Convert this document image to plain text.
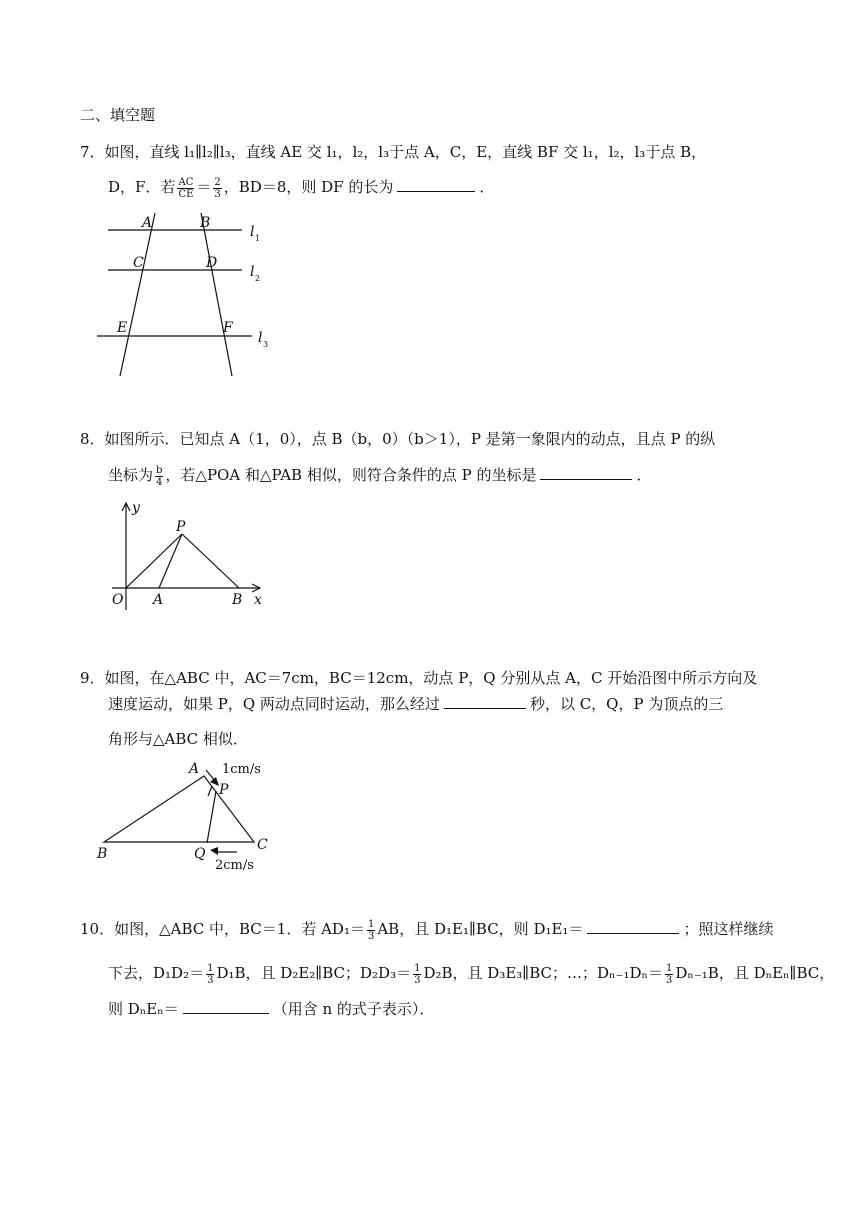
二、填空题
7．如图，直线 l₁∥l₂∥l₃，直线 AE 交 l₁，l₂，l₃于点 A，C，E，直线 BF 交 l₁，l₂，l₃于点 B，
D，F．若 $\frac{AC}{CE} = \frac{2}{3}$ ，BD＝8，则 DF 的长为	．
A	B
C	D
E	F
l
l
l
1
2
3
8．如图所示．已知点 A（1，0），点 B（b，0）（b＞1），P 是第一象限内的动点，且点 P 的纵
坐标为 $\frac{b}{4}$ ，若△POA 和△PAB 相似，则符合条件的点 P 的坐标是	．
y
x
O A	B
P
9．如图，在△ABC 中，AC＝7cm，BC＝12cm，动点 P，Q 分别从点 A，C 开始沿图中所示方向及
速度运动，如果 P，Q 两动点同时运动，那么经过	秒，以 C，Q，P 为顶点的三
角形与△ABC 相似．
A
B
C
P
Q
1cm/s
2cm/s
10．如图，△ABC 中，BC＝1．若 $AD_1= \frac{1}{3}$ AB，且 D₁E₁∥BC，则 D₁E₁＝	；照这样继续
下去，$D_1D_2= \frac{1}{3} D_1B$，且 D₂E₂∥BC；$D_2D_3= \frac{1}{3} D_2B$，且 D₃E₃∥BC；…；$D_{n-1}D_n= \frac{1}{3} D_{n-1}B$，且 DₙEₙ∥BC，
则 DₙEₙ＝	（用含 n 的式子表示）．
